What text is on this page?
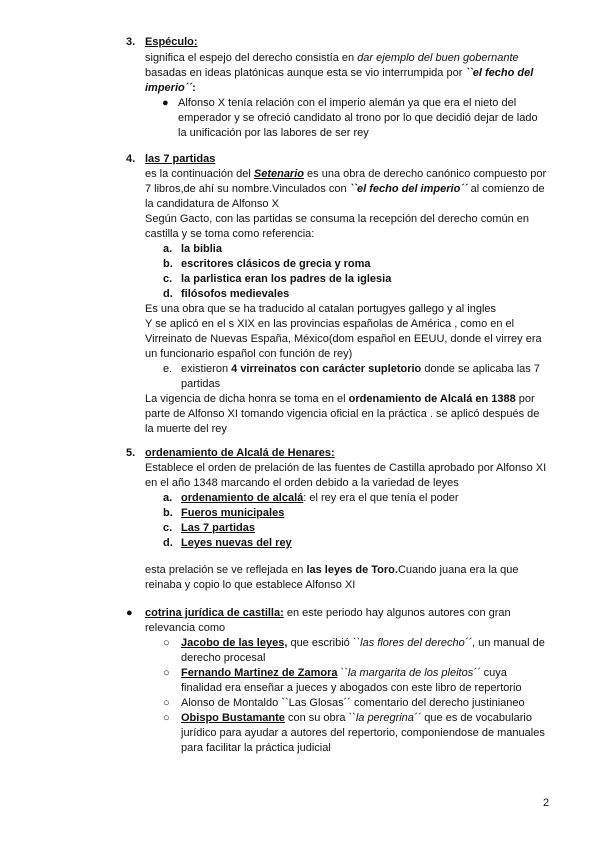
3. Espéculo:
significa el espejo del derecho consistía en dar ejemplo del buen gobernante
basadas en ideas platónicas aunque esta se vio interrumpida por ``el fecho del
imperio´´:
● Alfonso X tenía relación con el imperio alemán ya que era el nieto del
emperador y se ofreció candidato al trono por lo que decidió dejar de lado
la unificación por las labores de ser rey
4. las 7 partidas
es la continuación del Setenario es una obra de derecho canónico compuesto por
7 libros,de ahí su nombre.Vinculados con ``el fecho del imperio´´ al comienzo de
la candidatura de Alfonso X
Según Gacto, con las partidas se consuma la recepción del derecho común en
castilla y se toma como referencia:
a. la biblia
b. escritores clásicos de grecia y roma
c. la parlistica eran los padres de la iglesia
d. filósofos medievales
Es una obra que se ha traducido al catalan portugyes gallego y al ingles
Y se aplicó en el s XIX en las provincias españolas de América , como en el
Virreinato de Nuevas España, México(dom español en EEUU, donde el virrey era
un funcionario español con función de rey)
e. existieron 4 virreinatos con carácter supletorio donde se aplicaba las 7
partidas
La vigencia de dicha honra se toma en el ordenamiento de Alcalá en 1388 por
parte de Alfonso XI tomando vigencia oficial en la práctica . se aplicó después de
la muerte del rey
5. ordenamiento de Alcalá de Henares:
Establece el orden de prelación de las fuentes de Castilla aprobado por Alfonso XI
en el año 1348 marcando el orden debido a la variedad de leyes
a. ordenamiento de alcalá: el rey era el que tenía el poder
b. Fueros municipales
c. Las 7 partidas
d. Leyes nuevas del rey
esta prelación se ve reflejada en las leyes de Toro.Cuando juana era la que
reinaba y copio lo que establece Alfonso XI
● cotrina jurídica de castilla: en este periodo hay algunos autores con gran
relevancia como
○ Jacobo de las leyes, que escribió ``las flores del derecho´´, un manual de
derecho procesal
○ Fernando Martinez de Zamora ``la margarita de los pleitos´´ cuya
finalidad era enseñar a jueces y abogados con este libro de repertorio
○ Alonso de Montaldo ``Las Glosas´´ comentario del derecho justinianeo
○ Obispo Bustamante con su obra ``la peregrina´´ que es de vocabulario
jurídico para ayudar a autores del repertorio, componiendose de manuales
para facilitar la práctica judicial
2
